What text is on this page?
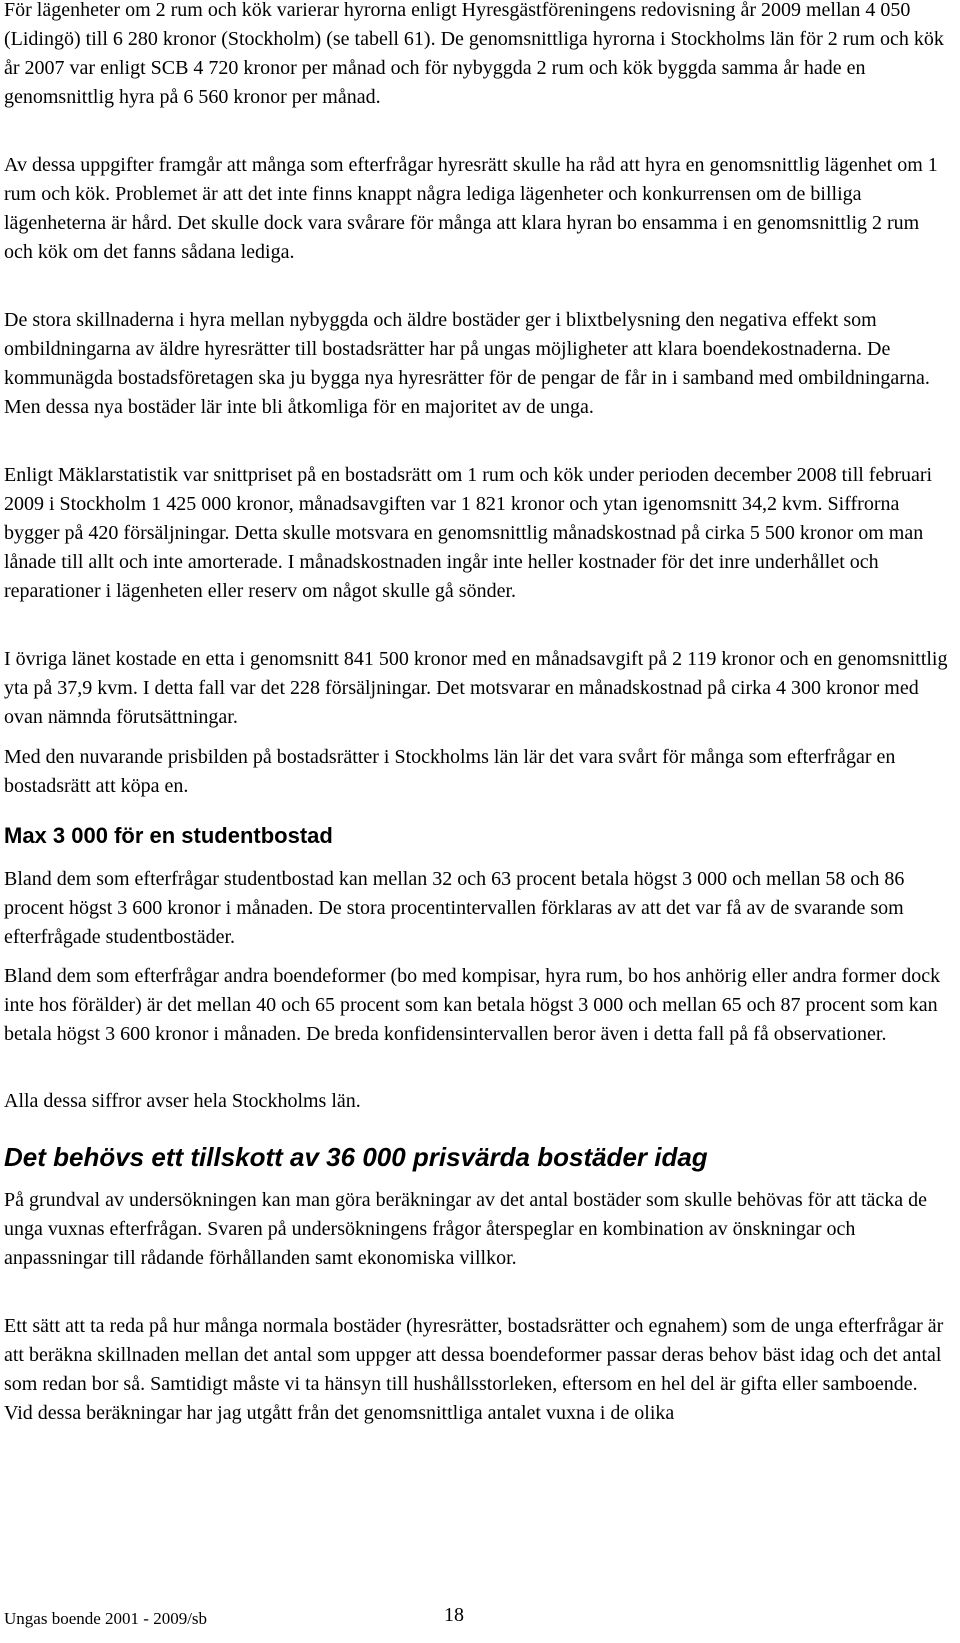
För lägenheter om 2 rum och kök varierar hyrorna enligt Hyresgästföreningens redovisning år 2009 mellan 4 050 (Lidingö) till 6 280 kronor (Stockholm) (se tabell 61). De genomsnittliga hyrorna i Stockholms län för 2 rum och kök år 2007 var enligt SCB 4 720 kronor per månad och för nybyggda 2 rum och kök byggda samma år hade en genomsnittlig hyra på 6 560 kronor per månad.

Av dessa uppgifter framgår att många som efterfrågar hyresrätt skulle ha råd att hyra en genomsnittlig lägenhet om 1 rum och kök. Problemet är att det inte finns knappt några lediga lägenheter och konkurrensen om de billiga lägenheterna är hård. Det skulle dock vara svårare för många att klara hyran bo ensamma i en genomsnittlig 2 rum och kök om det fanns sådana lediga.

De stora skillnaderna i hyra mellan nybyggda och äldre bostäder ger i blixtbelysning den negativa effekt som ombildningarna av äldre hyresrätter till bostadsrätter har på ungas möjligheter att klara boendekostnaderna. De kommunägda bostadsföretagen ska ju bygga nya hyresrätter för de pengar de får in i samband med ombildningarna. Men dessa nya bostäder lär inte bli åtkomliga för en majoritet av de unga.

Enligt Mäklarstatistik var snittpriset på en bostadsrätt om 1 rum och kök under perioden december 2008 till februari 2009 i Stockholm 1 425 000 kronor, månadsavgiften var 1 821 kronor och ytan igenomsnitt 34,2 kvm. Siffrorna bygger på 420 försäljningar. Detta skulle motsvara en genomsnittlig månadskostnad på cirka 5 500 kronor om man lånade till allt och inte amorterade. I månadskostnaden ingår inte heller kostnader för det inre underhållet och reparationer i lägenheten eller reserv om något skulle gå sönder.

I övriga länet kostade en etta i genomsnitt 841 500 kronor med en månadsavgift på 2 119 kronor och en genomsnittlig yta på 37,9 kvm. I detta fall var det 228 försäljningar. Det motsvarar en månadskostnad på cirka 4 300 kronor med ovan nämnda förutsättningar.

Med den nuvarande prisbilden på bostadsrätter i Stockholms län lär det vara svårt för många som efterfrågar en bostadsrätt att köpa en.

Max 3 000 för en studentbostad

Bland dem som efterfrågar studentbostad kan mellan 32 och 63 procent betala högst 3 000 och mellan 58 och 86 procent högst 3 600 kronor i månaden. De stora procentintervallen förklaras av att det var få av de svarande som efterfrågade studentbostäder.

Bland dem som efterfrågar andra boendeformer (bo med kompisar, hyra rum, bo hos anhörig eller andra former dock inte hos förälder) är det mellan 40 och 65 procent som kan betala högst 3 000 och mellan 65 och 87 procent som kan betala högst 3 600 kronor i månaden. De breda konfidensintervallen beror även i detta fall på få observationer.

Alla dessa siffror avser hela Stockholms län.

Det behövs ett tillskott av 36 000 prisvärda bostäder idag

På grundval av undersökningen kan man göra beräkningar av det antal bostäder som skulle behövas för att täcka de unga vuxnas efterfrågan. Svaren på undersökningens frågor återspeglar en kombination av önskningar och anpassningar till rådande förhållanden samt ekonomiska villkor.

Ett sätt att ta reda på hur många normala bostäder (hyresrätter, bostadsrätter och egnahem) som de unga efterfrågar är att beräkna skillnaden mellan det antal som uppger att dessa boendeformer passar deras behov bäst idag och det antal som redan bor så. Samtidigt måste vi ta hänsyn till hushållsstorleken, eftersom en hel del är gifta eller samboende. Vid dessa beräkningar har jag utgått från det genomsnittliga antalet vuxna i de olika

Ungas boende 2001 - 2009/sb	18
